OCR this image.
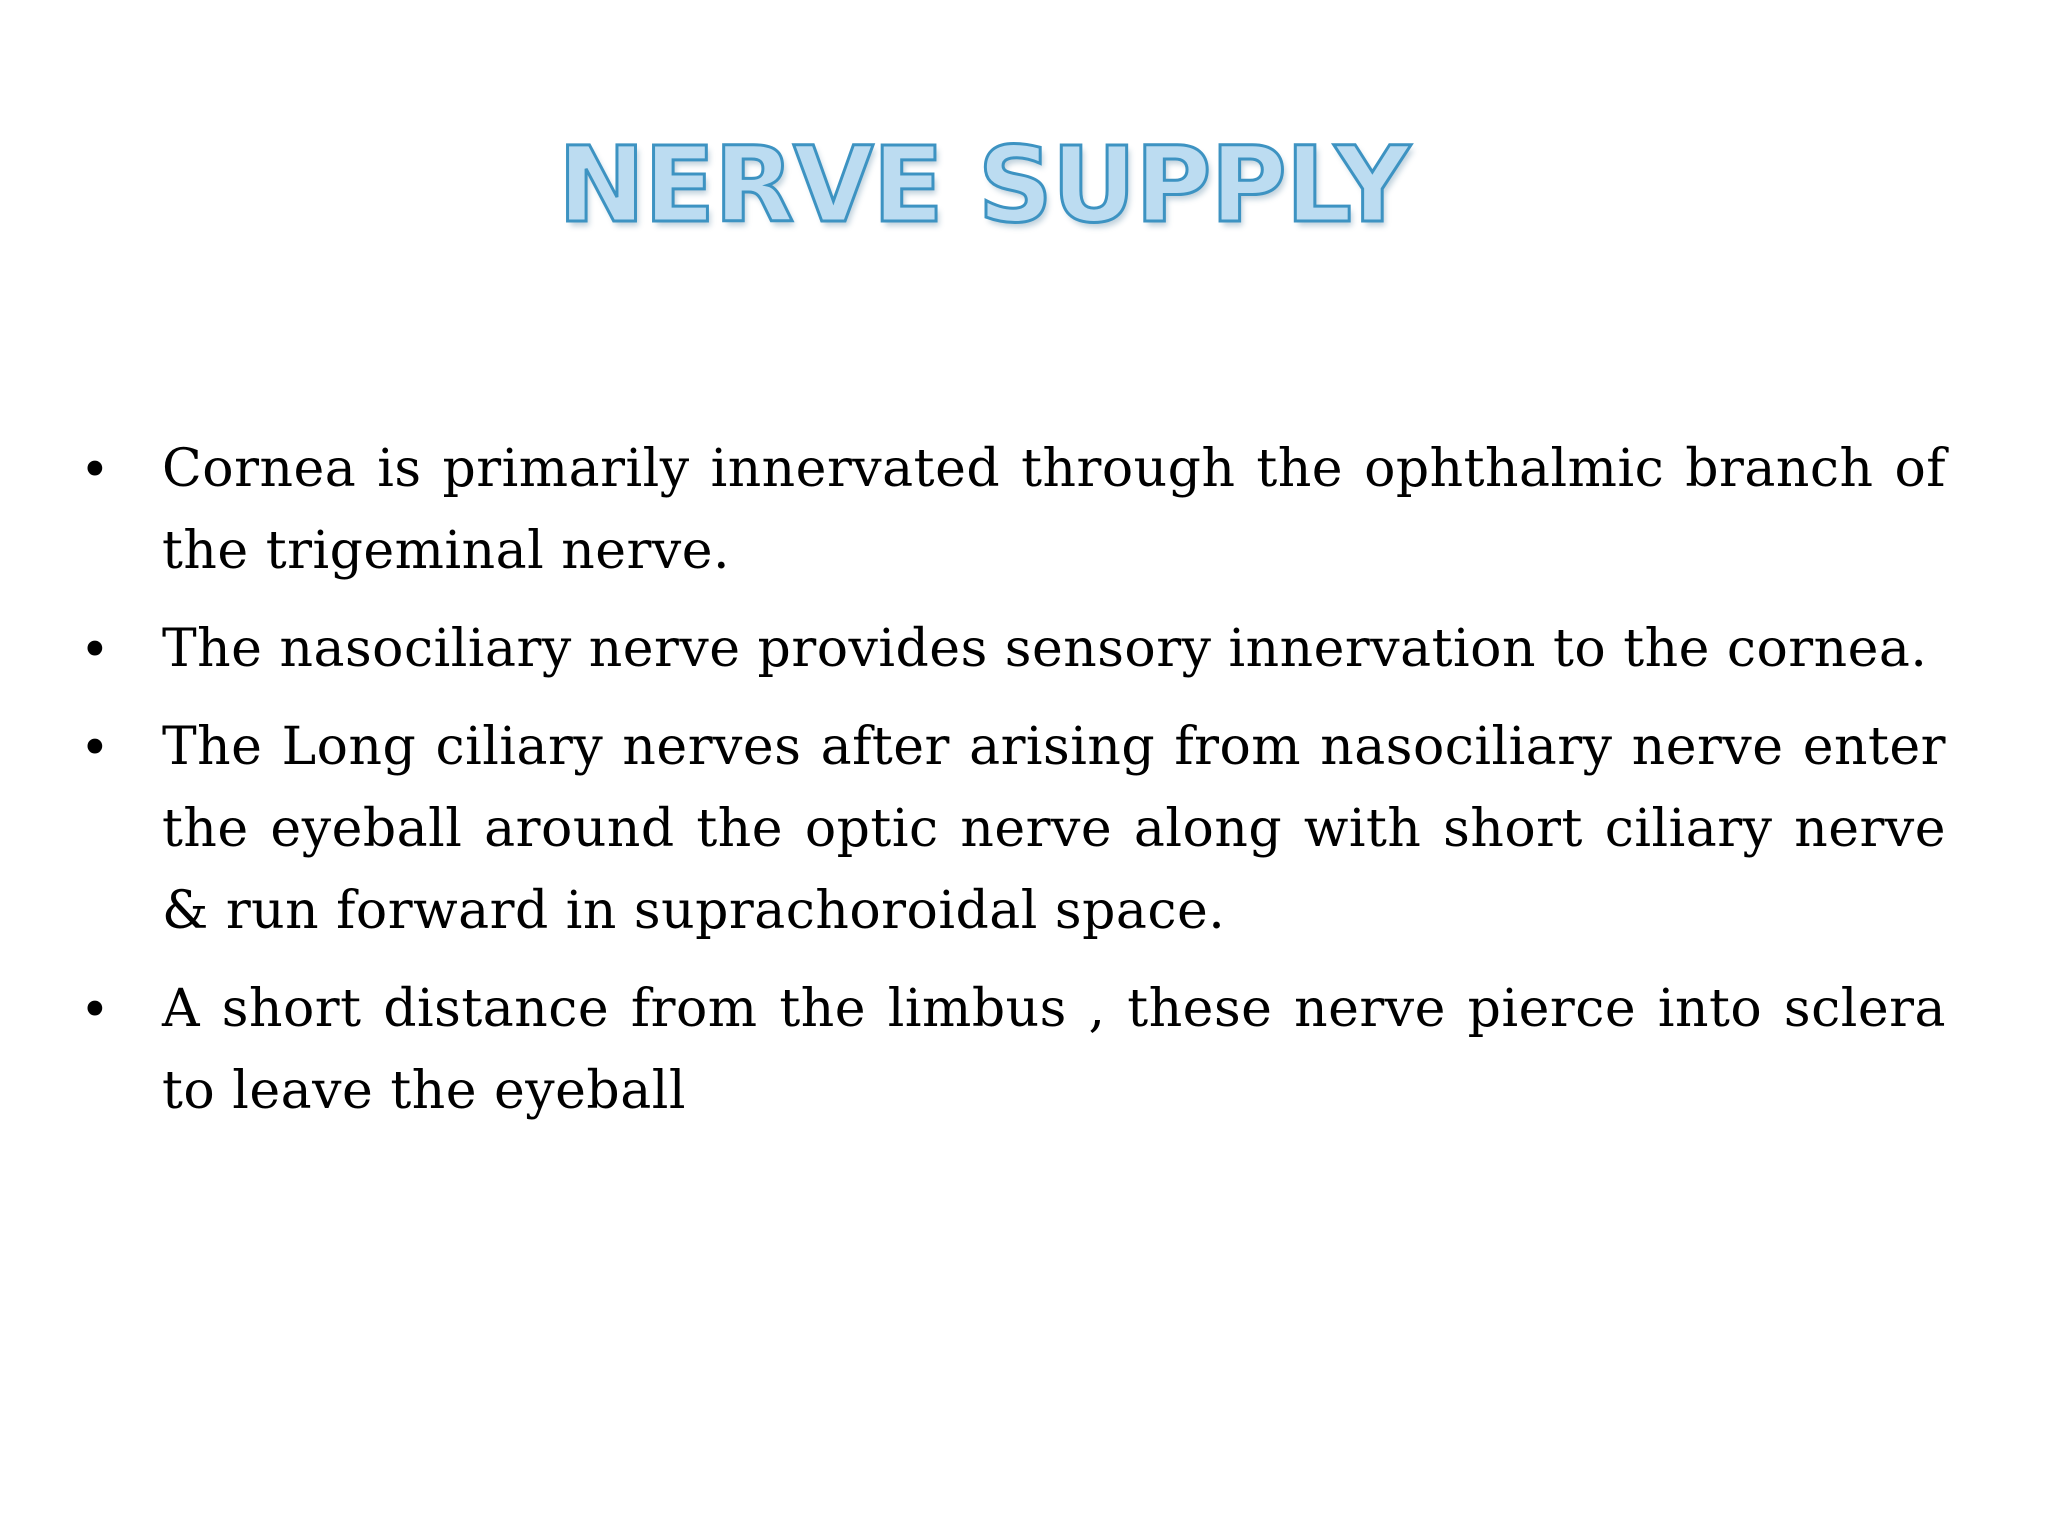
NERVE SUPPLY
• Cornea is primarily innervated through the ophthalmic branch of the trigeminal nerve.
• The nasociliary nerve provides sensory innervation to the cornea.
• The Long ciliary nerves after arising from nasociliary nerve enter the eyeball around the optic nerve along with short ciliary nerve & run forward in suprachoroidal space.
• A short distance from the limbus , these nerve pierce into sclera to leave the eyeball
